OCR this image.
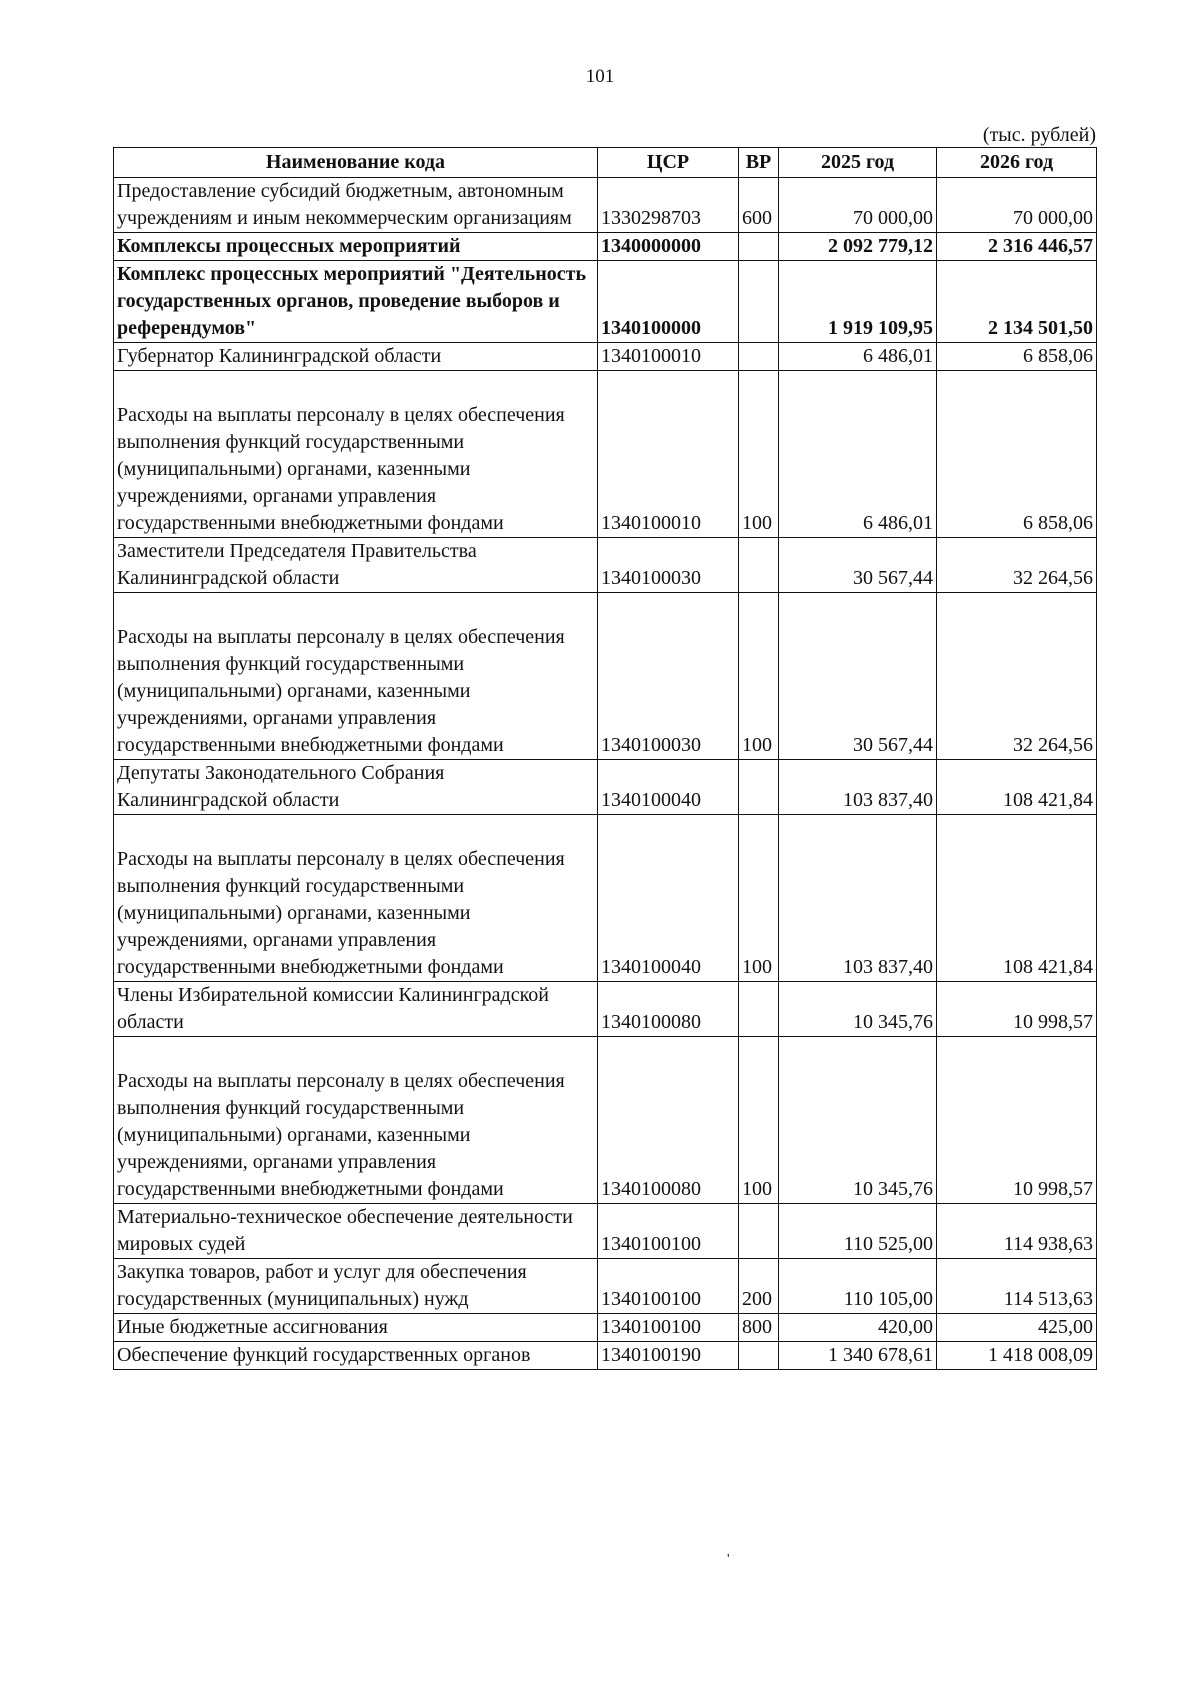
101
(тыс. рублей)
Наименование кода	ЦСР	ВР	2025 год	2026 год
Предоставление субсидий бюджетным, автономным учреждениям и иным некоммерческим организациям	1330298703	600	70 000,00	70 000,00
Комплексы процессных мероприятий	1340000000		2 092 779,12	2 316 446,57
Комплекс процессных мероприятий "Деятельность государственных органов, проведение выборов и референдумов"	1340100000		1 919 109,95	2 134 501,50
Губернатор Калининградской области	1340100010		6 486,01	6 858,06
Расходы на выплаты персоналу в целях обеспечения выполнения функций государственными (муниципальными) органами, казенными учреждениями, органами управления государственными внебюджетными фондами	1340100010	100	6 486,01	6 858,06
Заместители Председателя Правительства Калининградской области	1340100030		30 567,44	32 264,56
Расходы на выплаты персоналу в целях обеспечения выполнения функций государственными (муниципальными) органами, казенными учреждениями, органами управления государственными внебюджетными фондами	1340100030	100	30 567,44	32 264,56
Депутаты Законодательного Собрания Калининградской области	1340100040		103 837,40	108 421,84
Расходы на выплаты персоналу в целях обеспечения выполнения функций государственными (муниципальными) органами, казенными учреждениями, органами управления государственными внебюджетными фондами	1340100040	100	103 837,40	108 421,84
Члены Избирательной комиссии Калининградской области	1340100080		10 345,76	10 998,57
Расходы на выплаты персоналу в целях обеспечения выполнения функций государственными (муниципальными) органами, казенными учреждениями, органами управления государственными внебюджетными фондами	1340100080	100	10 345,76	10 998,57
Материально-техническое обеспечение деятельности мировых судей	1340100100		110 525,00	114 938,63
Закупка товаров, работ и услуг для обеспечения государственных (муниципальных) нужд	1340100100	200	110 105,00	114 513,63
Иные бюджетные ассигнования	1340100100	800	420,00	425,00
Обеспечение функций государственных органов	1340100190		1 340 678,61	1 418 008,09
'
